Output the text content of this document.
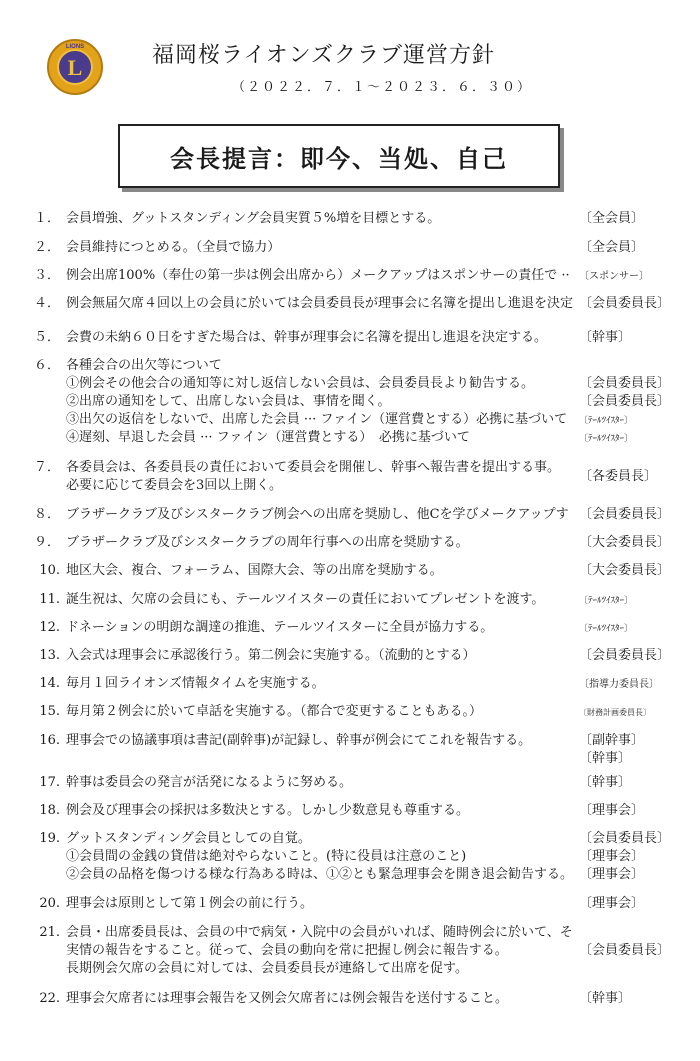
L
LIONS	福岡桜ライオンズクラブ運営方針
（２０２２．７．１～２０２３．６．３０）
会長提言：即今、当処、自己
１． 会員増強、グットスタンディング会員実質５%増を目標とする。	〔全会員〕
２． 会員維持につとめる。（全員で協力）	〔全会員〕
３． 例会出席100%（奉仕の第一歩は例会出席から）メークアップはスポンサーの責任で ·· 〔スポンサー〕
４． 例会無届欠席４回以上の会員に於いては会員委員長が理事会に名簿を提出し進退を決定 〔会員委員長〕
５． 会費の未納６０日をすぎた場合は、幹事が理事会に名簿を提出し進退を決定する。	〔幹事〕
６． 各種会合の出欠等について
①例会その他会合の通知等に対し返信しない会員は、会員委員長より勧告する。	〔会員委員長〕
②出席の通知をして、出席しない会員は、事情を聞く。	〔会員委員長〕
③出欠の返信をしないで、出席した会員 ··· ファイン（運営費とする）必携に基づいて	〔ﾃｰﾙﾂｲｽﾀｰ〕
④遅刻、早退した会員 ··· ファイン（運営費とする）　必携に基づいて	〔ﾃｰﾙﾂｲｽﾀｰ〕
７． 各委員会は、各委員長の責任において委員会を開催し、幹事へ報告書を提出する事。
必要に応じて委員会を3回以上開く。
〔各委員長〕
８． ブラザークラブ及びシスタークラブ例会への出席を奨励し、他Cを学びメークアップす 〔会員委員長〕
９． ブラザークラブ及びシスタークラブの周年行事への出席を奨励する。	〔大会委員長〕
10. 地区大会、複合、フォーラム、国際大会、等の出席を奨励する。	〔大会委員長〕
11. 誕生祝は、欠席の会員にも、テールツイスターの責任においてプレゼントを渡す。	〔ﾃｰﾙﾂｲｽﾀｰ〕
12. ドネーションの明朗な調達の推進、テールツイスターに全員が協力する。	〔ﾃｰﾙﾂｲｽﾀｰ〕
13. 入会式は理事会に承認後行う。第二例会に実施する。（流動的とする）	〔会員委員長〕
14. 毎月１回ライオンズ情報タイムを実施する。	〔指導力委員長〕
15. 毎月第２例会に於いて卓話を実施する。（都合で変更することもある。）	〔財務計画委員長〕
16. 理事会での協議事項は書記(副幹事)が記録し、幹事が例会にてこれを報告する。	〔副幹事〕
〔幹事〕
17. 幹事は委員会の発言が活発になるように努める。	〔幹事〕
18. 例会及び理事会の採択は多数決とする。しかし少数意見も尊重する。	〔理事会〕
19. グットスタンディング会員としての自覚。	〔会員委員長〕
①会員間の金銭の貸借は絶対やらないこと。(特に役員は注意のこと)	〔理事会〕
②会員の品格を傷つける様な行為ある時は、①②とも緊急理事会を開き退会勧告する。 〔理事会〕
20. 理事会は原則として第１例会の前に行う。	〔理事会〕
21. 会員・出席委員長は、会員の中で病気・入院中の会員がいれば、随時例会に於いて、そ
実情の報告をすること。従って、会員の動向を常に把握し例会に報告する。
長期例会欠席の会員に対しては、会員委員長が連絡して出席を促す。
〔会員委員長〕
22. 理事会欠席者には理事会報告を又例会欠席者には例会報告を送付すること。	〔幹事〕
